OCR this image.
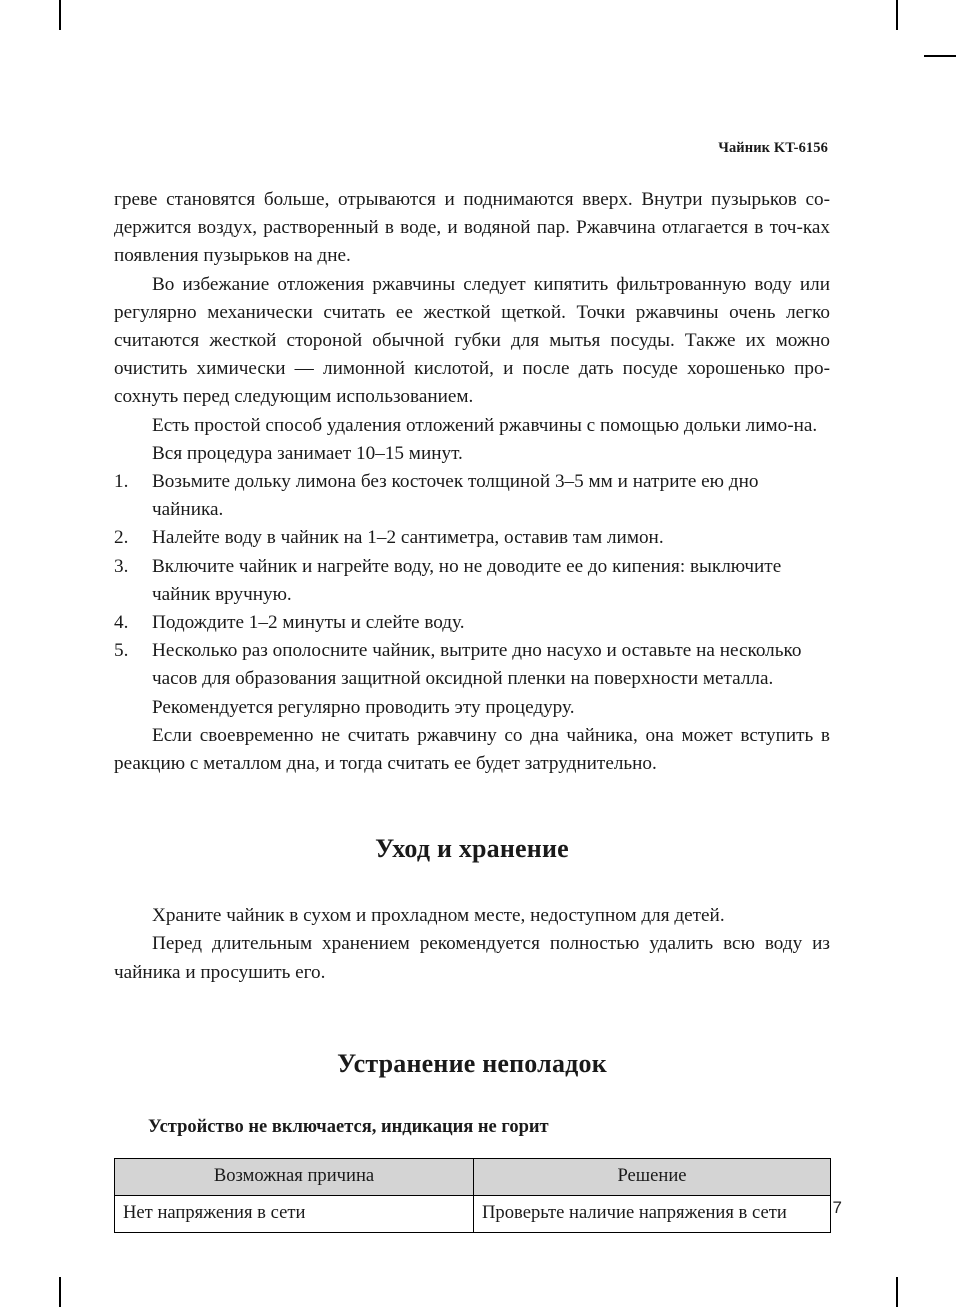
Чайник KT-6156

греве становятся больше, отрываются и поднимаются вверх. Внутри пузырьков со-держится воздух, растворенный в воде, и водяной пар. Ржавчина отлагается в точ-ках появления пузырьков на дне.

Во избежание отложения ржавчины следует кипятить фильтрованную воду или регулярно механически считать ее жесткой щеткой. Точки ржавчины очень легко считаются жесткой стороной обычной губки для мытья посуды. Также их можно очистить химически — лимонной кислотой, и после дать посуде хорошенько про-сохнуть перед следующим использованием.

Есть простой способ удаления отложений ржавчины с помощью дольки лимо-на.

Вся процедура занимает 10–15 минут.

1.	Возьмите дольку лимона без косточек толщиной 3–5 мм и натрите ею дно чайника.
2.	Налейте воду в чайник на 1–2 сантиметра, оставив там лимон.
3.	Включите чайник и нагрейте воду, но не доводите ее до кипения: выключите чайник вручную.
4.	Подождите 1–2 минуты и слейте воду.
5.	Несколько раз ополосните чайник, вытрите дно насухо и оставьте на несколько часов для образования защитной оксидной пленки на поверхности металла. Рекомендуется регулярно проводить эту процедуру.

Если своевременно не считать ржавчину со дна чайника, она может вступить в реакцию с металлом дна, и тогда считать ее будет затруднительно.

Уход и хранение

Храните чайник в сухом и прохладном месте, недоступном для детей.

Перед длительным хранением рекомендуется полностью удалить всю воду из чайника и просушить его.

Устранение неполадок
Устройство не включается, индикация не горит
Возможная причина	Решение
Нет напряжения в сети	Проверьте наличие напряжения в сети	7
